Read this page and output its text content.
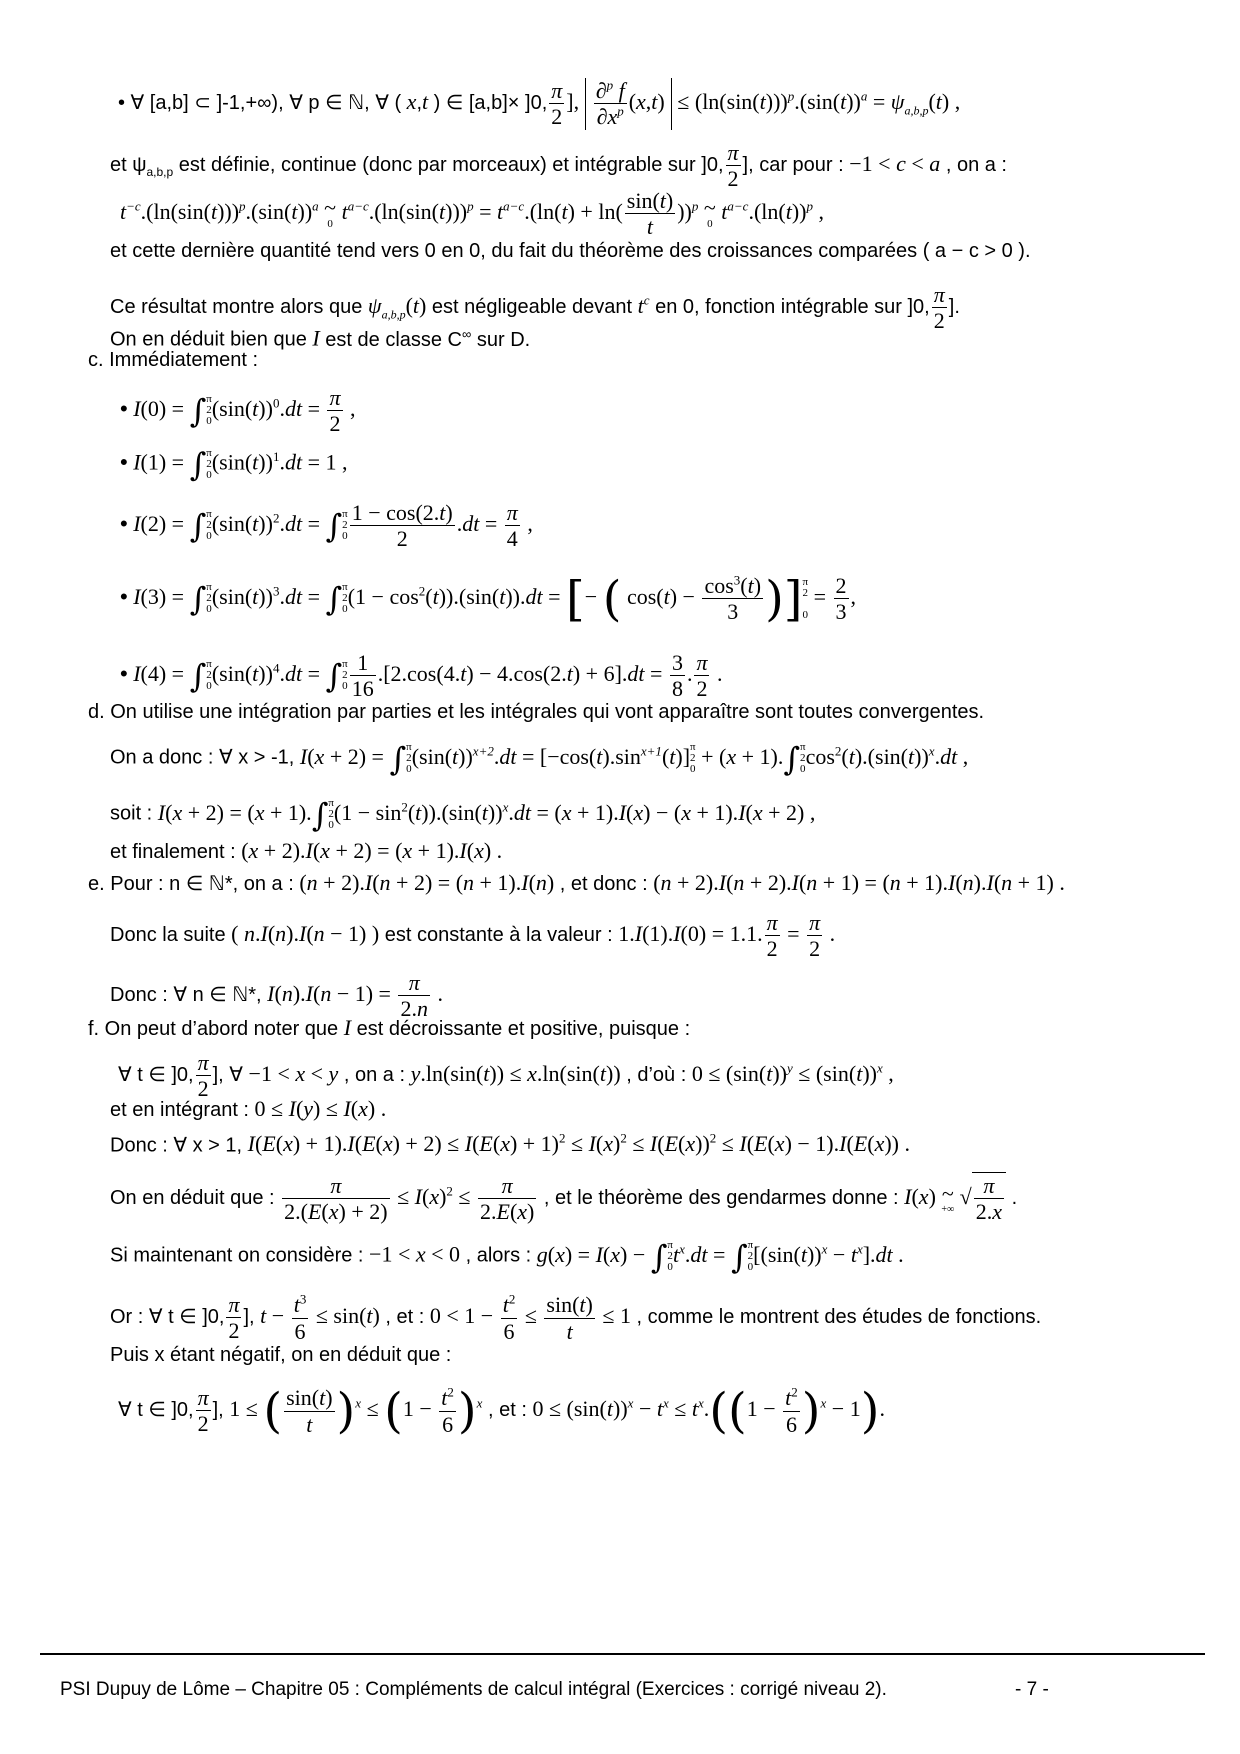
• ∀ [a,b] ⊂ ]-1,+∞), ∀ p ∈ ℕ, ∀ ( x,t ) ∈ [a,b]× ]0, $\frac{\pi}{2}$ ], $\frac{\partial^p f}{\partial x^p} (x,t) \le (\ln(\sin(t)))^p.(\sin(t))^a = \psi_{a,b,p}(t)$ ,
et $\psi_{a,b,p}$ est définie, continue (donc par morceaux) et intégrable sur ]0, $\frac{\pi}{2}$ ], car pour : −1 < c < a , on a :
$t^{-c}.(\ln(\sin(t)))^p.(\sin(t))^a$ ~
0
$t^{a-c}.(\ln(\sin(t)))^p = t^{a-c}.(\ln(t) + \ln( \frac{\sin(t)}{t} ))^p$ ~
0
$t^{a-c}.(\ln(t))^p$ ,
et cette dernière quantité tend vers 0 en 0, du fait du théorème des croissances comparées ( a − c > 0 ).
Ce résultat montre alors que $\psi_{a,b,p}(t)$ est négligeable devant $t^c$ en 0, fonction intégrable sur ]0, $\frac{\pi}{2}$ ].
On en déduit bien que I est de classe C∞ sur D.
c. Immédiatement :
• I(0) = ∫ π
2
0
$(\sin(t))^0.dt = \frac{\pi}{2}$ ,
• I(1) = ∫ π
2
0
$(\sin(t))^1.dt = 1$ ,
• I(2) = ∫ π
2
0
$(\sin(t))^2.dt$ = ∫ π
2
$0 \frac{1 - \cos(2.t)}{2} .dt = \frac{\pi}{4}$ ,
• I(3) = ∫ π
2
0
$(\sin(t))^3.dt$ = ∫ π
2
0
$(1 - \cos^2(t)).(\sin(t)).dt$ = [− ( $\cos(t) - \frac{\cos^3(t)}{3}$ )] π
2

0
= $\frac{2}{3}$ ,
• I(4) = ∫ π
2
0
$(\sin(t))^4.dt$ = ∫ π
2
$0 \frac{1}{16} .[2.\cos(4.t) - 4.\cos(2.t) + 6].dt = \frac{3}{8}$ . $\frac{\pi}{2}$ .
d. On utilise une intégration par parties et les intégrales qui vont apparaître sont toutes convergentes.
On a donc : ∀ x > -1, I(x + 2) = ∫ π
2
0
$(\sin(t))^{x+2}.dt = [-\cos(t).\sin^{x+1}(t)]$ π
2
0
+ (x + 1).∫ π
2
0
$\cos^2(t).(\sin(t))^x.dt$ ,
soit : I(x + 2) = (x + 1).∫ π
2
0
$(1 - \sin^2(t)).(\sin(t))^x.dt = (x + 1).I(x) - (x + 1).I(x + 2)$ ,
et finalement : (x + 2).I(x + 2) = (x + 1).I(x) .
e. Pour : n ∈ ℕ*, on a : (n + 2).I(n + 2) = (n + 1).I(n) , et donc : (n + 2).I(n + 2).I(n + 1) = (n + 1).I(n).I(n + 1) .
Donc la suite ( n.I(n).I(n − 1) ) est constante à la valeur : 1.I(1).I(0) = 1.1. $\frac{\pi}{2} = \frac{\pi}{2}$ .
Donc : ∀ n ∈ ℕ*, $I(n).I(n - 1) = \frac{\pi}{2.n}$ .
f. On peut d’abord noter que I est décroissante et positive, puisque :
∀ t ∈ ]0, $\frac{\pi}{2}$ ], ∀ −1 < x < y , on a : y.ln(sin(t)) ≤ x.ln(sin(t)) , d’où : $0 \le (\sin(t))^y \le (\sin(t))^x$ ,
et en intégrant : 0 ≤ I(y) ≤ I(x) .
Donc : ∀ x > 1, $I(E(x) + 1).I(E(x) + 2) \le I(E(x) + 1)^2 \le I(x)^2 \le I(E(x))^2 \le I(E(x) - 1).I(E(x))$ .
On en déduit que : $\frac{\pi}{2.(E(x) + 2)} \le I(x)^2 \le \frac{\pi}{2.E(x)}$ , et le théorème des gendarmes donne : I(x) ~
+∞
√ $\frac{\pi}{2.x}$ .
Si maintenant on considère : −1 < x < 0 , alors : g(x) = I(x) − ∫ π
2
0
$t^x.dt$ = ∫ π
2
0
$[(\sin(t))^x - t^x].dt$ .
Or : ∀ t ∈ ]0, $\frac{\pi}{2}$ ], $t - \frac{t^3}{6} \le \sin(t)$ , et : $0 < 1 - \frac{t^2}{6} \le \frac{\sin(t)}{t} \le 1$ , comme le montrent des études de fonctions.
Puis x étant négatif, on en déduit que :
∀ t ∈ ]0, $\frac{\pi}{2}$ ], 1 ≤ ( $\frac{\sin(t)}{t} )^x \le (1 - \frac{t^2}{6} )^x$ , et : $0 \le (\sin(t))^x - t^x \le t^x.((1 - \frac{t^2}{6} )^x - 1)$.
PSI Dupuy de Lôme – Chapitre 05 : Compléments de calcul intégral (Exercices : corrigé niveau 2).	- 7 -
